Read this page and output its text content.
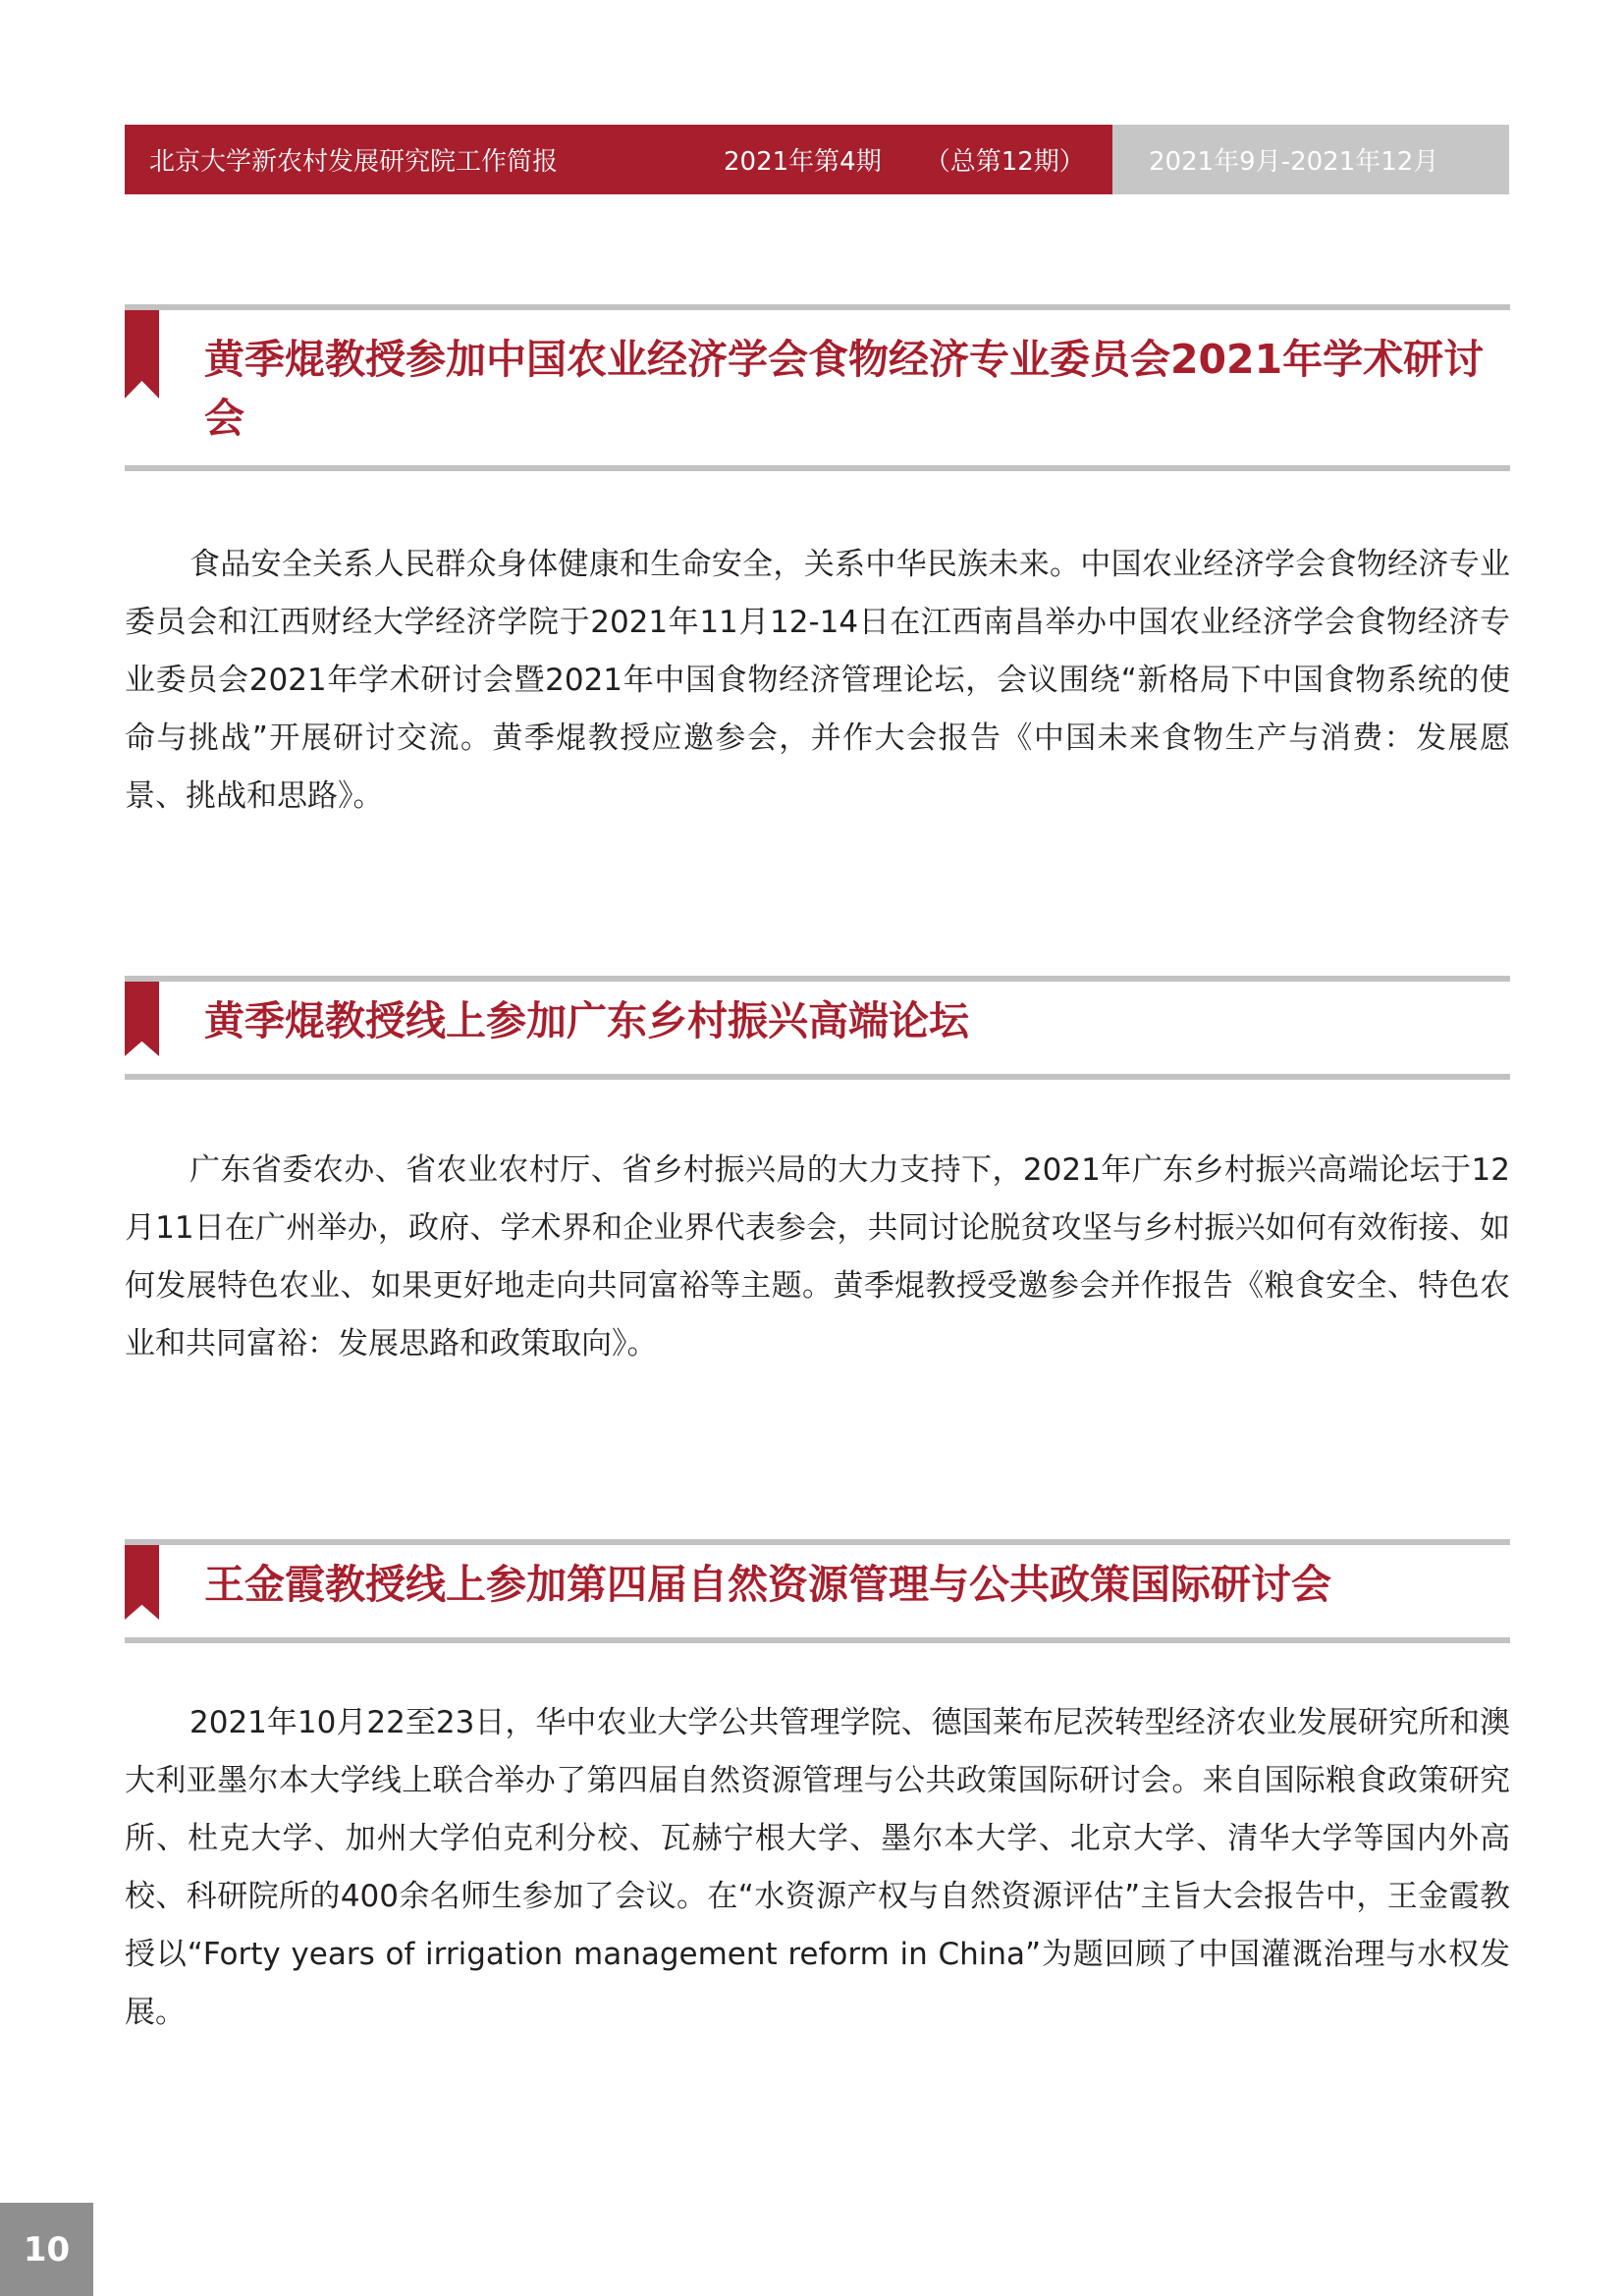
北京大学新农村发展研究院工作简报	2021年第4期 （总第12期）	2021年9月-2021年12月
黄季焜教授参加中国农业经济学会食物经济专业委员会2021年学术研讨会

食品安全关系人民群众身体健康和生命安全，关系中华民族未来。中国农业经济学会食物经济专业委员会和江西财经大学经济学院于2021年11月12-14日在江西南昌举办中国农业经济学会食物经济专业委员会2021年学术研讨会暨2021年中国食物经济管理论坛，会议围绕“新格局下中国食物系统的使命与挑战”开展研讨交流。黄季焜教授应邀参会，并作大会报告《中国未来食物生产与消费：发展愿景、挑战和思路》。

黄季焜教授线上参加广东乡村振兴高端论坛

广东省委农办、省农业农村厅、省乡村振兴局的大力支持下，2021年广东乡村振兴高端论坛于12月11日在广州举办，政府、学术界和企业界代表参会，共同讨论脱贫攻坚与乡村振兴如何有效衔接、如何发展特色农业、如果更好地走向共同富裕等主题。黄季焜教授受邀参会并作报告《粮食安全、特色农业和共同富裕：发展思路和政策取向》。

王金霞教授线上参加第四届自然资源管理与公共政策国际研讨会

2021年10月22至23日，华中农业大学公共管理学院、德国莱布尼茨转型经济农业发展研究所和澳大利亚墨尔本大学线上联合举办了第四届自然资源管理与公共政策国际研讨会。来自国际粮食政策研究所、杜克大学、加州大学伯克利分校、瓦赫宁根大学、墨尔本大学、北京大学、清华大学等国内外高校、科研院所的400余名师生参加了会议。在“水资源产权与自然资源评估”主旨大会报告中，王金霞教授以“Forty years of irrigation management reform in China”为题回顾了中国灌溉治理与水权发展。

10
